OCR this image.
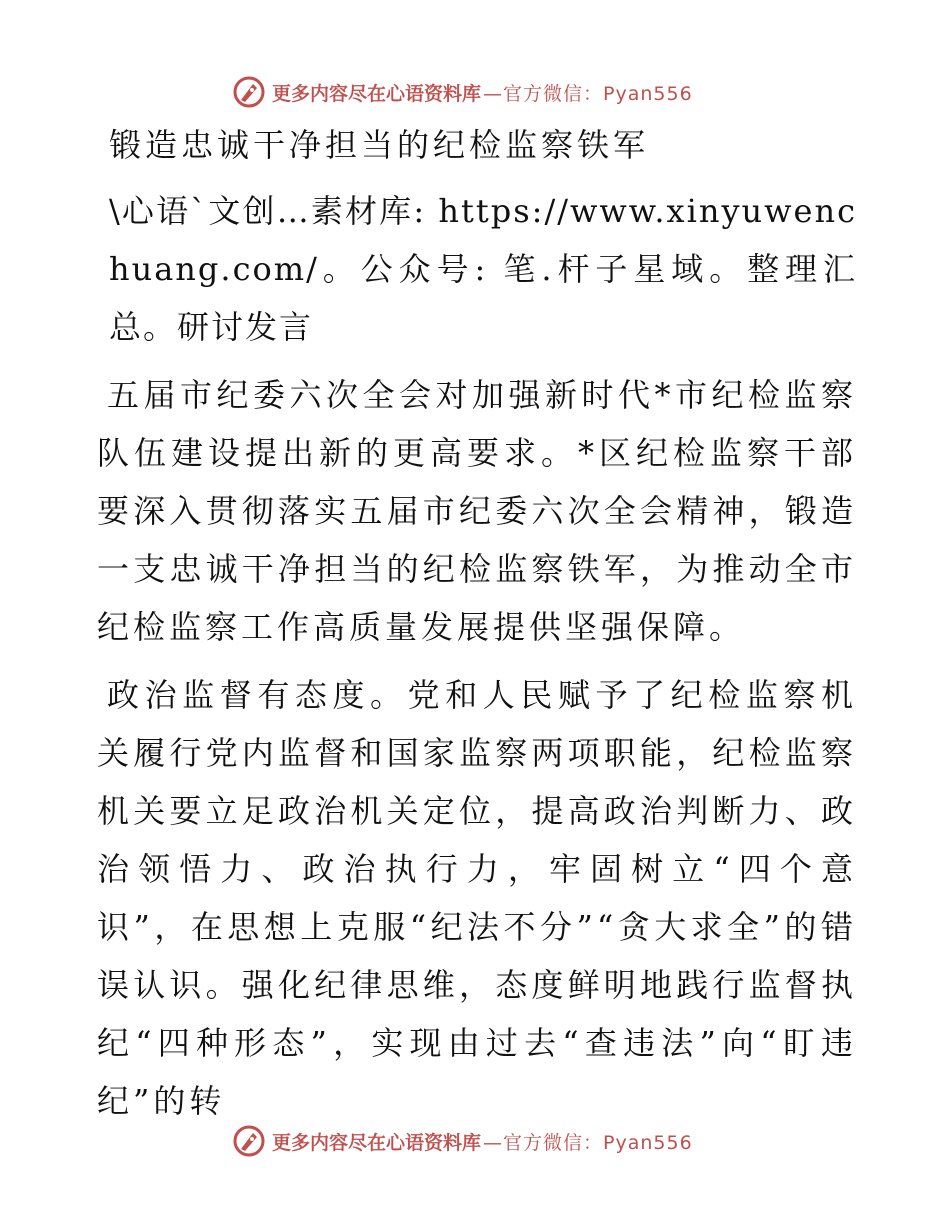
更多内容尽在心语资料库 —官方微信：Pyan556

锻造忠诚干净担当的纪检监察铁军

\心语`文创…素材库: https://www.xinyuwenchuang.com/。公众号: 笔.杆子星域。整理汇总。研讨发言

五届市纪委六次全会对加强新时代*市纪检监察队伍建设提出新的更高要求。*区纪检监察干部要深入贯彻落实五届市纪委六次全会精神，锻造一支忠诚干净担当的纪检监察铁军，为推动全市纪检监察工作高质量发展提供坚强保障。

政治监督有态度。党和人民赋予了纪检监察机关履行党内监督和国家监察两项职能，纪检监察机关要立足政治机关定位，提高政治判断力、政治领悟力、政治执行力，牢固树立“四个意识”，在思想上克服“纪法不分”“贪大求全”的错误认识。强化纪律思维，态度鲜明地践行监督执纪“四种形态”，实现由过去“查违法”向“盯违纪”的转

更多内容尽在心语资料库 —官方微信：Pyan556
